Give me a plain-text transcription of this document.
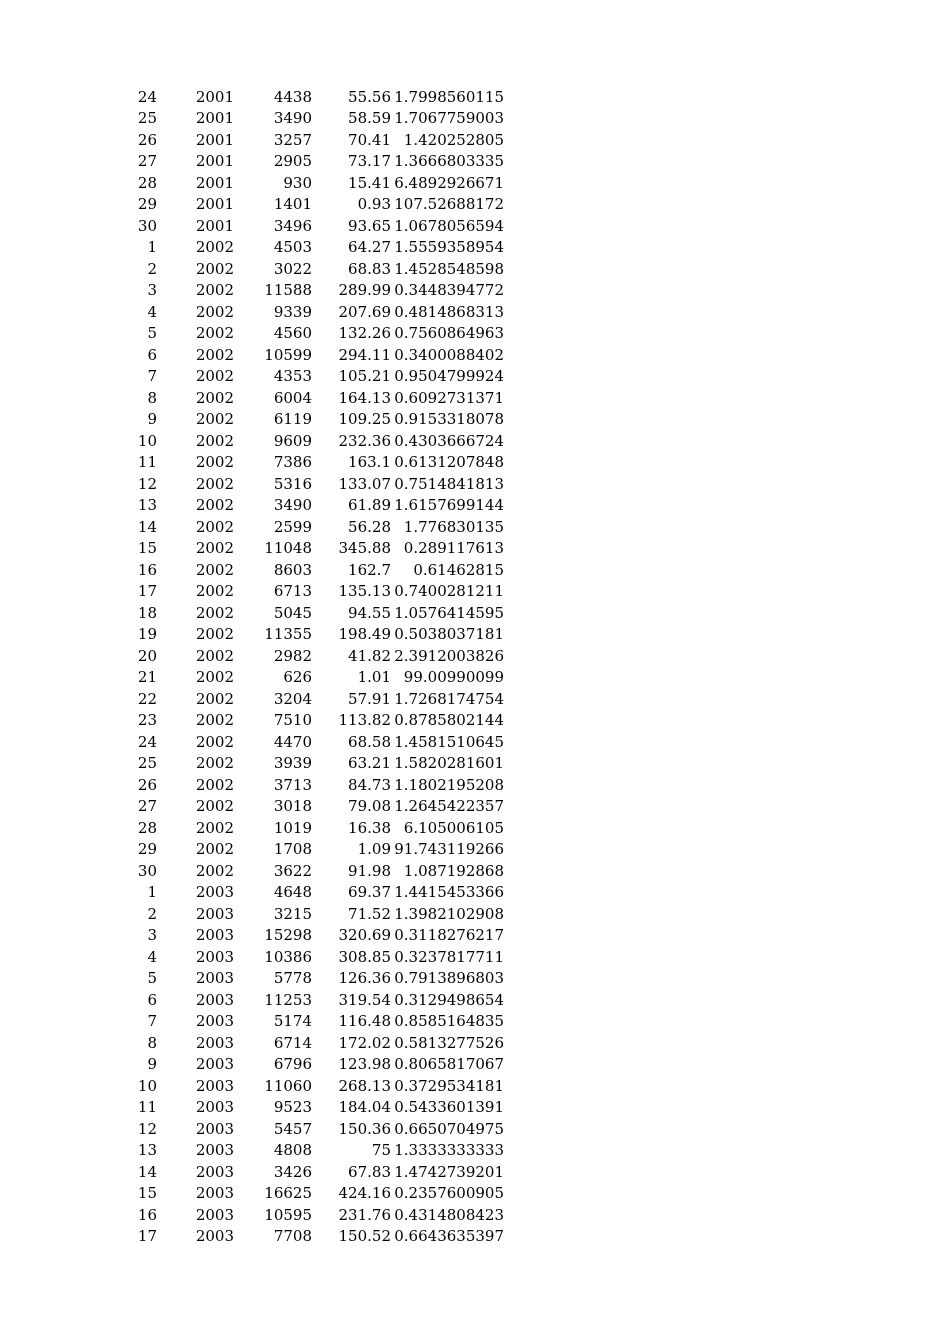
24	2001	4438	55.56 1.7998560115
25	2001	3490	58.59 1.7067759003
26	2001	3257	70.41 1.420252805
27	2001	2905	73.17 1.3666803335
28	2001	930	15.41 6.4892926671
29	2001	1401	0.93 107.52688172
30	2001	3496	93.65 1.0678056594
1	2002	4503	64.27 1.5559358954
2	2002	3022	68.83 1.4528548598
3	2002	11588	289.99 0.3448394772
4	2002	9339	207.69 0.4814868313
5	2002	4560	132.26 0.7560864963
6	2002	10599	294.11 0.3400088402
7	2002	4353	105.21 0.9504799924
8	2002	6004	164.13 0.6092731371
9	2002	6119	109.25 0.9153318078
10	2002	9609	232.36 0.4303666724
11	2002	7386	163.1 0.6131207848
12	2002	5316	133.07 0.7514841813
13	2002	3490	61.89 1.6157699144
14	2002	2599	56.28 1.776830135
15	2002	11048	345.88 0.289117613
16	2002	8603	162.7	0.61462815
17	2002	6713	135.13 0.7400281211
18	2002	5045	94.55 1.0576414595
19	2002	11355	198.49 0.5038037181
20	2002	2982	41.82 2.3912003826
21	2002	626	1.01 99.00990099
22	2002	3204	57.91 1.7268174754
23	2002	7510	113.82 0.8785802144
24	2002	4470	68.58 1.4581510645
25	2002	3939	63.21 1.5820281601
26	2002	3713	84.73 1.1802195208
27	2002	3018	79.08 1.2645422357
28	2002	1019	16.38 6.105006105
29	2002	1708	1.09 91.743119266
30	2002	3622	91.98 1.087192868
1	2003	4648	69.37 1.4415453366
2	2003	3215	71.52 1.3982102908
3	2003	15298	320.69 0.3118276217
4	2003	10386	308.85 0.3237817711
5	2003	5778	126.36 0.7913896803
6	2003	11253	319.54 0.3129498654
7	2003	5174	116.48 0.8585164835
8	2003	6714	172.02 0.5813277526
9	2003	6796	123.98 0.8065817067
10	2003	11060	268.13 0.3729534181
11	2003	9523	184.04 0.5433601391
12	2003	5457	150.36 0.6650704975
13	2003	4808	75 1.3333333333
14	2003	3426	67.83 1.4742739201
15	2003	16625	424.16 0.2357600905
16	2003	10595	231.76 0.4314808423
17	2003	7708	150.52 0.6643635397
